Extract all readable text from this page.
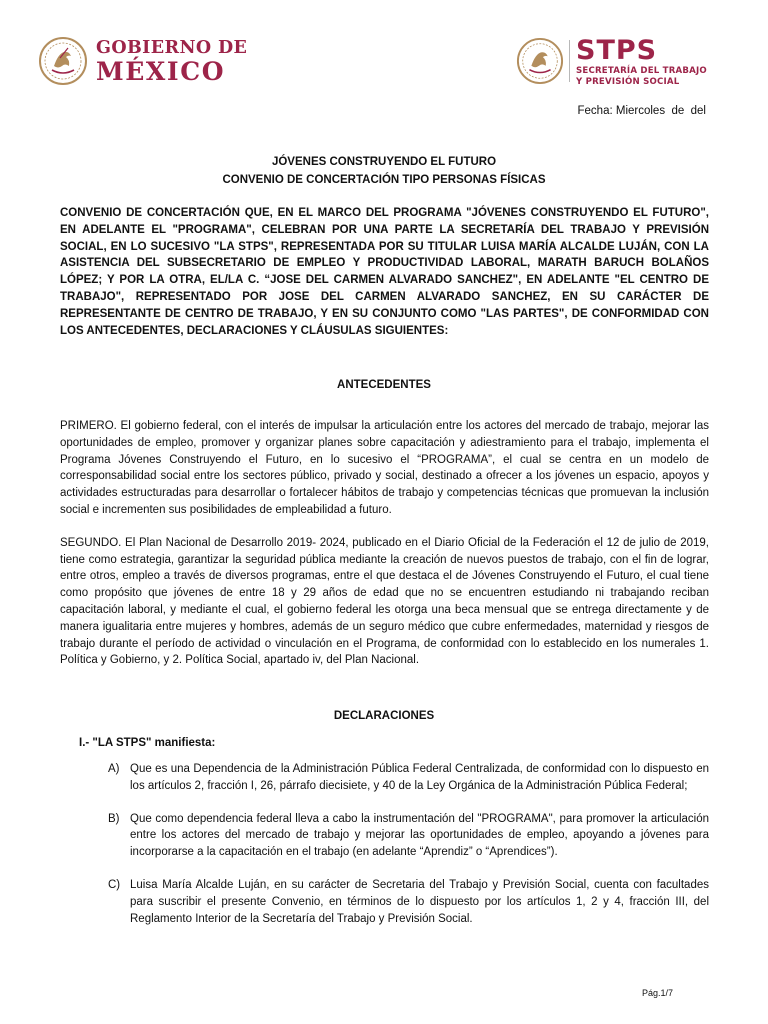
GOBIERNO DE
MÉXICO
STPS
SECRETARÍA DEL TRABAJO
Y PREVISIÓN SOCIAL
Fecha: Miercoles  de  del
JÓVENES CONSTRUYENDO EL FUTURO
CONVENIO DE CONCERTACIÓN TIPO PERSONAS FÍSICAS
CONVENIO DE CONCERTACIÓN QUE, EN EL MARCO DEL PROGRAMA "JÓVENES CONSTRUYENDO EL FUTURO", EN ADELANTE EL "PROGRAMA", CELEBRAN POR UNA PARTE LA SECRETARÍA DEL TRABAJO Y PREVISIÓN SOCIAL, EN LO SUCESIVO "LA STPS", REPRESENTADA POR SU TITULAR LUISA MARÍA ALCALDE LUJÁN, CON LA ASISTENCIA DEL SUBSECRETARIO DE EMPLEO Y PRODUCTIVIDAD LABORAL, MARATH BARUCH BOLAÑOS LÓPEZ; Y POR LA OTRA, EL/LA C. “JOSE DEL CARMEN ALVARADO SANCHEZ", EN ADELANTE "EL CENTRO DE TRABAJO", REPRESENTADO POR JOSE DEL CARMEN ALVARADO SANCHEZ, EN SU CARÁCTER DE REPRESENTANTE DE CENTRO DE TRABAJO, Y EN SU CONJUNTO COMO "LAS PARTES", DE CONFORMIDAD CON LOS ANTECEDENTES, DECLARACIONES Y CLÁUSULAS SIGUIENTES:
ANTECEDENTES

PRIMERO. El gobierno federal, con el interés de impulsar la articulación entre los actores del mercado de trabajo, mejorar las oportunidades de empleo, promover y organizar planes sobre capacitación y adiestramiento para el trabajo, implementa el Programa Jóvenes Construyendo el Futuro, en lo sucesivo el “PROGRAMA”, el cual se centra en un modelo de corresponsabilidad social entre los sectores público, privado y social, destinado a ofrecer a los jóvenes un espacio, apoyos y actividades estructuradas para desarrollar o fortalecer hábitos de trabajo y competencias técnicas que promuevan la inclusión social e incrementen sus posibilidades de empleabilidad a futuro.

SEGUNDO. El Plan Nacional de Desarrollo 2019- 2024, publicado en el Diario Oficial de la Federación el 12 de julio de 2019, tiene como estrategia, garantizar la seguridad pública mediante la creación de nuevos puestos de trabajo, con el fin de lograr, entre otros, empleo a través de diversos programas, entre el que destaca el de Jóvenes Construyendo el Futuro, el cual tiene como propósito que jóvenes de entre 18 y 29 años de edad que no se encuentren estudiando ni trabajando reciban capacitación laboral, y mediante el cual, el gobierno federal les otorga una beca mensual que se entrega directamente y de manera igualitaria entre mujeres y hombres, además de un seguro médico que cubre enfermedades, maternidad y riesgos de trabajo durante el período de actividad o vinculación en el Programa, de conformidad con lo establecido en los numerales 1. Política y Gobierno, y 2. Política Social, apartado iv, del Plan Nacional.

DECLARACIONES
I.- "LA STPS" manifiesta:
A) Que es una Dependencia de la Administración Pública Federal Centralizada, de conformidad con lo dispuesto en los artículos 2, fracción I, 26, párrafo diecisiete, y 40 de la Ley Orgánica de la Administración Pública Federal;
B) Que como dependencia federal lleva a cabo la instrumentación del "PROGRAMA", para promover la articulación entre los actores del mercado de trabajo y mejorar las oportunidades de empleo, apoyando a jóvenes para incorporarse a la capacitación en el trabajo (en adelante “Aprendiz” o “Aprendices”).
C) Luisa María Alcalde Luján, en su carácter de Secretaria del Trabajo y Previsión Social, cuenta con facultades para suscribir el presente Convenio, en términos de lo dispuesto por los artículos 1, 2 y 4, fracción III, del Reglamento Interior de la Secretaría del Trabajo y Previsión Social.
Pág.1/7
